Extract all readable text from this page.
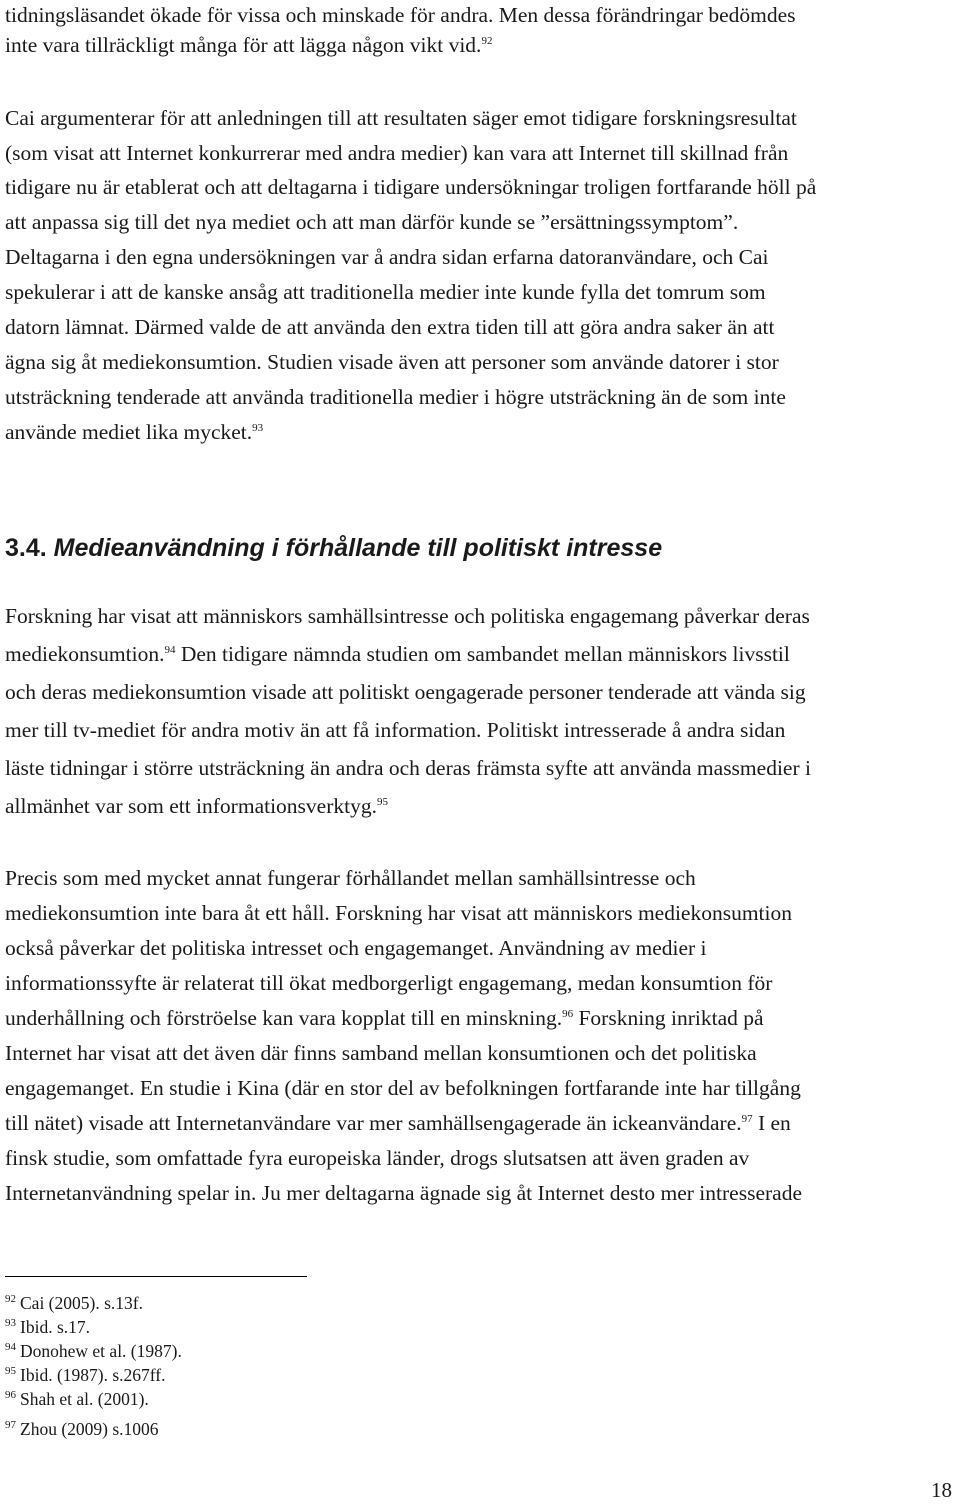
tidningsläsandet ökade för vissa och minskade för andra. Men dessa förändringar bedömdes
inte vara tillräckligt många för att lägga någon vikt vid.$^{92}$
Cai argumenterar för att anledningen till att resultaten säger emot tidigare forskningsresultat
(som visat att Internet konkurrerar med andra medier) kan vara att Internet till skillnad från
tidigare nu är etablerat och att deltagarna i tidigare undersökningar troligen fortfarande höll på
att anpassa sig till det nya mediet och att man därför kunde se ”ersättningssymptom”.
Deltagarna i den egna undersökningen var å andra sidan erfarna datoranvändare, och Cai
spekulerar i att de kanske ansåg att traditionella medier inte kunde fylla det tomrum som
datorn lämnat. Därmed valde de att använda den extra tiden till att göra andra saker än att
ägna sig åt mediekonsumtion. Studien visade även att personer som använde datorer i stor
utsträckning tenderade att använda traditionella medier i högre utsträckning än de som inte
använde mediet lika mycket.$^{93}$
3.4. Medieanvändning i förhållande till politiskt intresse
Forskning har visat att människors samhällsintresse och politiska engagemang påverkar deras
mediekonsumtion.$^{94}$ Den tidigare nämnda studien om sambandet mellan människors livsstil
och deras mediekonsumtion visade att politiskt oengagerade personer tenderade att vända sig
mer till tv-mediet för andra motiv än att få information. Politiskt intresserade å andra sidan
läste tidningar i större utsträckning än andra och deras främsta syfte att använda massmedier i
allmänhet var som ett informationsverktyg.$^{95}$
Precis som med mycket annat fungerar förhållandet mellan samhällsintresse och
mediekonsumtion inte bara åt ett håll. Forskning har visat att människors mediekonsumtion
också påverkar det politiska intresset och engagemanget. Användning av medier i
informationssyfte är relaterat till ökat medborgerligt engagemang, medan konsumtion för
underhållning och förströelse kan vara kopplat till en minskning.$^{96}$ Forskning inriktad på
Internet har visat att det även där finns samband mellan konsumtionen och det politiska
engagemanget. En studie i Kina (där en stor del av befolkningen fortfarande inte har tillgång
till nätet) visade att Internetanvändare var mer samhällsengagerade än ickeanvändare.$^{97}$ I en
finsk studie, som omfattade fyra europeiska länder, drogs slutsatsen att även graden av
Internetanvändning spelar in. Ju mer deltagarna ägnade sig åt Internet desto mer intresserade
$^{92}$ Cai (2005). s.13f.
$^{93}$ Ibid. s.17.
$^{94}$ Donohew et al. (1987).
$^{95}$ Ibid. (1987). s.267ff.
$^{96}$ Shah et al. (2001).
$^{97}$ Zhou (2009) s.1006
18
